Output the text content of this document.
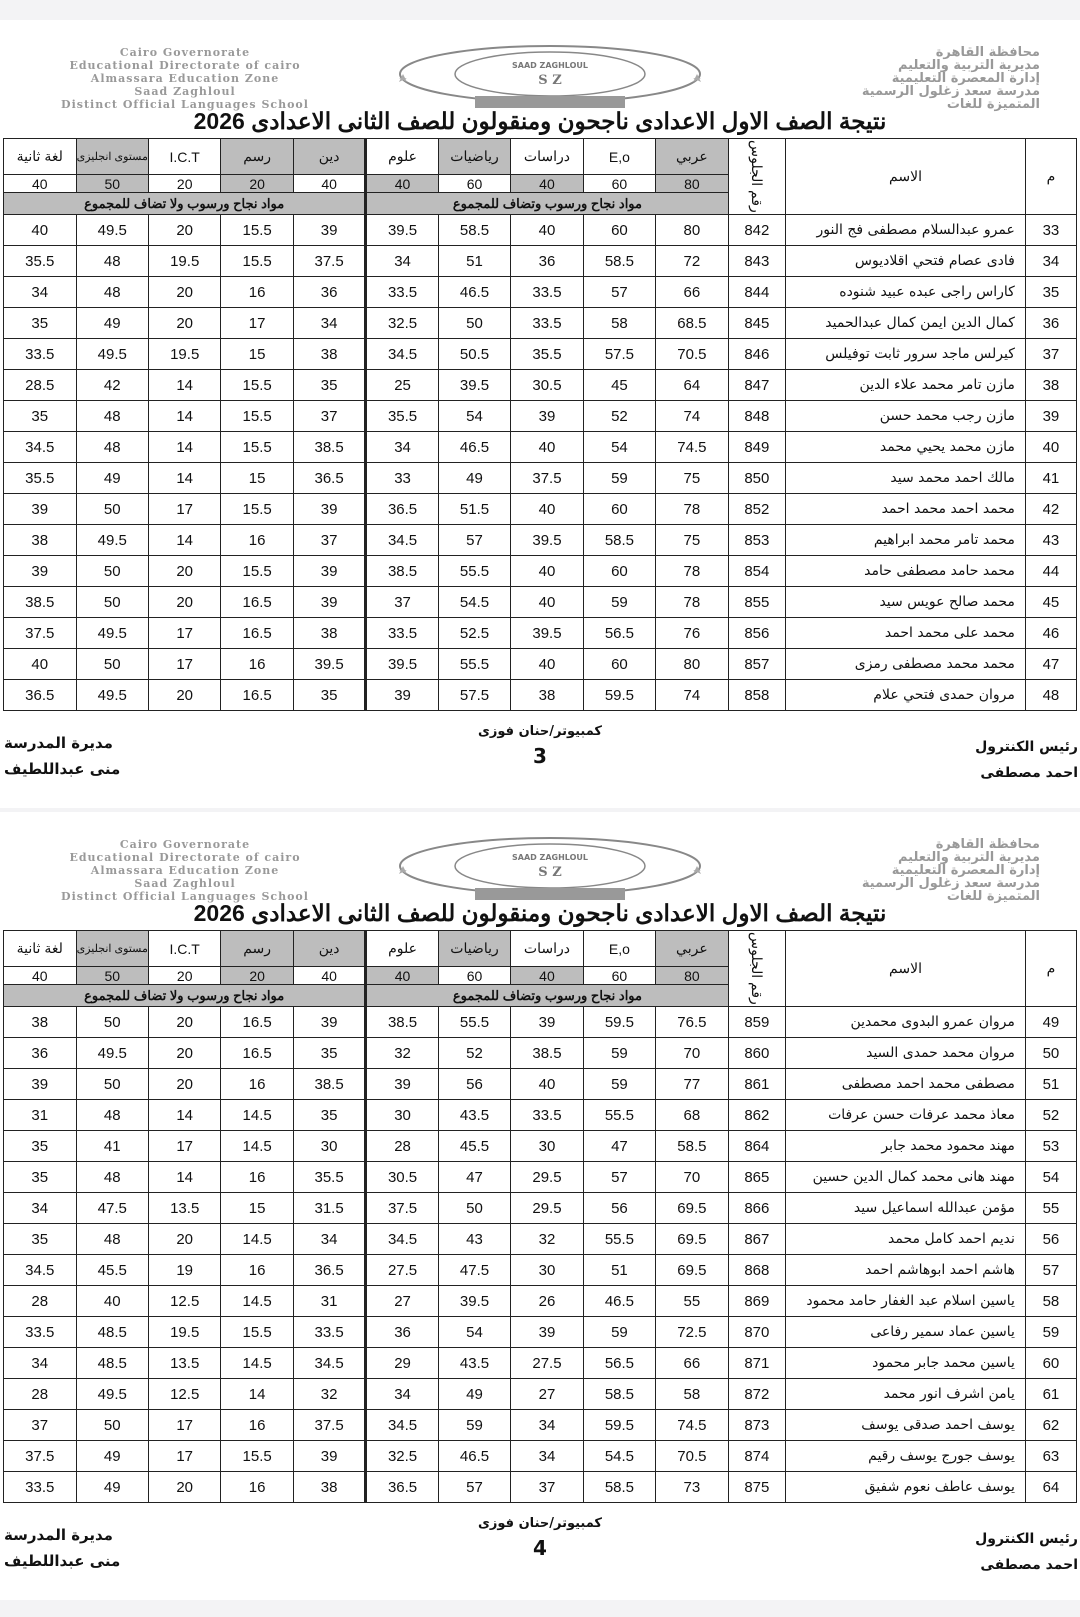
Cairo Governorate
Educational Directorate of cairo
Almassara Education Zone
Saad Zaghloul
Distinct Official Languages School
SAAD ZAGHLOUL
S Z
محافظة القاهرة
مديرية التربية والتعليم
إدارة المعصرة التعليمية
مدرسة سعد زغلول الرسمية
المتميزة للغات
نتيجة الصف الاول الاعدادى ناجحون ومنقولون للصف الثانى الاعدادى 2026
م	الاسم	رقم الجلوس	عربي	E,o	دراسات	رياضيات	علوم	دين	رسم	I.C.T	مستوى انجليزى	لغة ثانية
			80	60	40	60	40	40	20	20	50	40
			مواد نجاح ورسوب وتضاف للمجموع					مواد نجاح ورسوب ولا تضاف للمجموع				
33	عمرو عبدالسلام مصطفى فج النور	842	80	60	40	58.5	39.5	39	15.5	20	49.5	40
34	فادى عصام فتحي اقلاديوس	843	72	58.5	36	51	34	37.5	15.5	19.5	48	35.5
35	كاراس راجى عبده عبيد شنوده	844	66	57	33.5	46.5	33.5	36	16	20	48	34
36	كمال الدين ايمن كمال عبدالحميد	845	68.5	58	33.5	50	32.5	34	17	20	49	35
37	كيرلس ماجد سرور ثابت توفيلس	846	70.5	57.5	35.5	50.5	34.5	38	15	19.5	49.5	33.5
38	مازن تامر محمد علاء الدين	847	64	45	30.5	39.5	25	35	15.5	14	42	28.5
39	مازن رجب محمد حسن	848	74	52	39	54	35.5	37	15.5	14	48	35
40	مازن محمد يحيي محمد	849	74.5	54	40	46.5	34	38.5	15.5	14	48	34.5
41	مالك احمد محمد سيد	850	75	59	37.5	49	33	36.5	15	14	49	35.5
42	محمد احمد محمد احمد	852	78	60	40	51.5	36.5	39	15.5	17	50	39
43	محمد تامر محمد ابراهيم	853	75	58.5	39.5	57	34.5	37	16	14	49.5	38
44	محمد حامد مصطفى حامد	854	78	60	40	55.5	38.5	39	15.5	20	50	39
45	محمد صالح عويس سيد	855	78	59	40	54.5	37	39	16.5	20	50	38.5
46	محمد على محمد احمد	856	76	56.5	39.5	52.5	33.5	38	16.5	17	49.5	37.5
47	محمد محمد مصطفى رمزى	857	80	60	40	55.5	39.5	39.5	16	17	50	40
48	مروان حمدى فتحي علام	858	74	59.5	38	57.5	39	35	16.5	20	49.5	36.5
رئيس الكنترول
احمد مصطفى
كمبيوتر/حنان فوزى
3
مديرة المدرسة
منى عبداللطيف
Cairo Governorate
Educational Directorate of cairo
Almassara Education Zone
Saad Zaghloul
Distinct Official Languages School
SAAD ZAGHLOUL
S Z
محافظة القاهرة
مديرية التربية والتعليم
إدارة المعصرة التعليمية
مدرسة سعد زغلول الرسمية
المتميزة للغات
نتيجة الصف الاول الاعدادى ناجحون ومنقولون للصف الثانى الاعدادى 2026
م	الاسم	رقم الجلوس	عربي	E,o	دراسات	رياضيات	علوم	دين	رسم	I.C.T	مستوى انجليزى	لغة ثانية
			80	60	40	60	40	40	20	20	50	40
			مواد نجاح ورسوب وتضاف للمجموع					مواد نجاح ورسوب ولا تضاف للمجموع				
49	مروان عمرو البدوى محمدين	859	76.5	59.5	39	55.5	38.5	39	16.5	20	50	38
50	مروان محمد حمدى السيد	860	70	59	38.5	52	32	35	16.5	20	49.5	36
51	مصطفى محمد احمد مصطفى	861	77	59	40	56	39	38.5	16	20	50	39
52	معاذ محمد عرفات حسن عرفات	862	68	55.5	33.5	43.5	30	35	14.5	14	48	31
53	مهند محمود محمد جابر	864	58.5	47	30	45.5	28	30	14.5	17	41	35
54	مهند هانى محمد كمال الدين حسين	865	70	57	29.5	47	30.5	35.5	16	14	48	35
55	مؤمن عبدالله اسماعيل سيد	866	69.5	56	29.5	50	37.5	31.5	15	13.5	47.5	34
56	نديم احمد كامل محمد	867	69.5	55.5	32	43	34.5	34	14.5	20	48	35
57	هاشم احمد ابوهاشم احمد	868	69.5	51	30	47.5	27.5	36.5	16	19	45.5	34.5
58	ياسين اسلام عبد الغفار حامد محمود	869	55	46.5	26	39.5	27	31	14.5	12.5	40	28
59	ياسين عماد سمير رفاعى	870	72.5	59	39	54	36	33.5	15.5	19.5	48.5	33.5
60	ياسين محمد جابر محمود	871	66	56.5	27.5	43.5	29	34.5	14.5	13.5	48.5	34
61	يامن اشرف انور محمد	872	58	58.5	27	49	34	32	14	12.5	49.5	28
62	يوسف احمد صدقى يوسف	873	74.5	59.5	34	59	34.5	37.5	16	17	50	37
63	يوسف جورج يوسف رقيم	874	70.5	54.5	34	46.5	32.5	39	15.5	17	49	37.5
64	يوسف عاطف نعوم شفيق	875	73	58.5	37	57	36.5	38	16	20	49	33.5
رئيس الكنترول
احمد مصطفى
كمبيوتر/حنان فوزى
4
مديرة المدرسة
منى عبداللطيف
